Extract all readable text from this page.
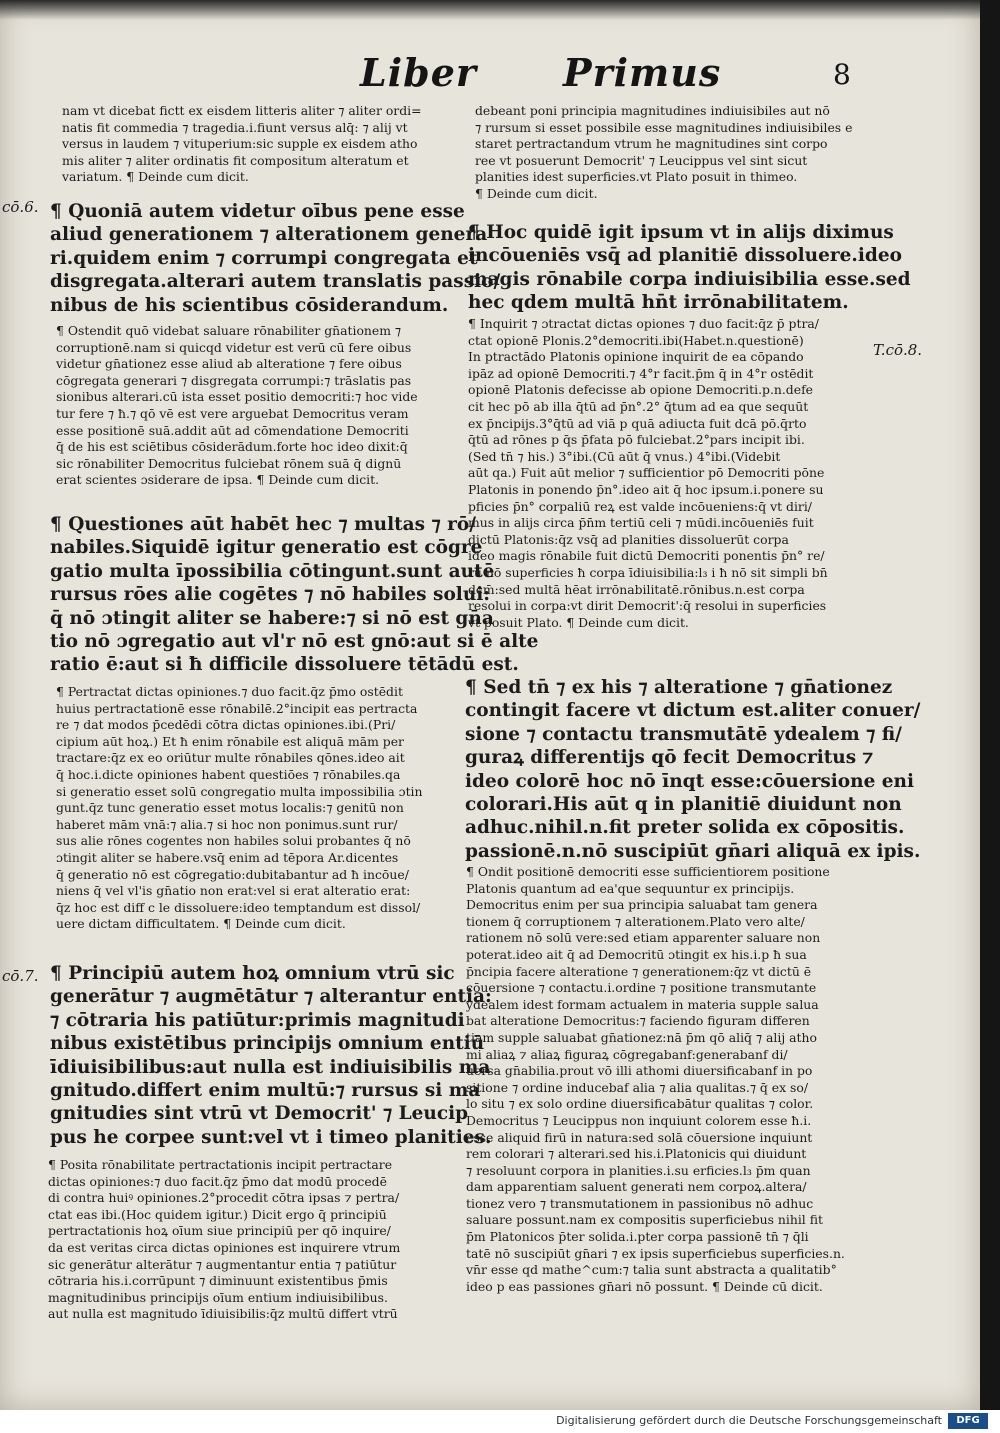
Liber Primus	8
cō.6.
T.cō.8.
cō.7.

nam vt dicebat fictt ex eisdem litteris aliter ⁊ aliter ordi=

natis fit commedia ⁊ tragedia.i.fiunt versus alq̄: ⁊ alij vt

versus in laudem ⁊ vituperium:sic supple ex eisdem atho

mis aliter ⁊ aliter ordinatis fit compositum alteratum et

variatum. ¶ Deinde cum dicit.

¶ Quoniā autem videtur oībus pene esse

aliud generationem ⁊ alterationem genera

ri.quidem enim ⁊ corrumpi congregata et

disgregata.alterari autem translatis passio/

nibus de his scientibus cōsiderandum.

¶ Ostendit quō videbat saluare rōnabiliter gn̄ationem ⁊

corruptionē.nam si quicqd videtur est verū cū fere oibus

videtur gn̄ationez esse aliud ab alteratione ⁊ fere oibus

cōgregata generari ⁊ disgregata corrumpi:⁊ trāslatis pas

sionibus alterari.cū ista esset positio democriti:⁊ hoc vide

tur fere ⁊ ħ.⁊ qō vē est vere arguebat Democritus veram

esse positionē suā.addit aūt ad cōmendatione Democriti

q̄ de his est sciētibus cōsiderādum.forte hoc ideo dixit:q̄

sic rōnabiliter Democritus fulciebat rōnem suā q̄ dignū

erat scientes ɔsiderare de ipsa. ¶ Deinde cum dicit.

¶ Questiones aūt habēt hec ⁊ multas ⁊ rō/

nabiles.Siquidē igitur generatio est cōgre

gatio multa īpossibilia cōtingunt.sunt autē

rursus rōes alie cogētes ⁊ nō habiles solui:

q̄ nō ɔtingit aliter se habere:⁊ si nō est gn̄a

tio nō ɔgregatio aut vl'r nō est gnō:aut si ē alte

ratio ē:aut si ħ difficile dissoluere tētādū est.

¶ Pertractat dictas opiniones.⁊ duo facit.q̄z p̄mo ostēdit

huius pertractationē esse rōnabilē.2°incipit eas pertracta

re ⁊ dat modos p̄cedēdi cōtra dictas opiniones.ibi.(Pri/

cipium aūt hoꝝ.) Et ħ enim rōnabile est aliquā mām per

tractare:q̄z ex eo oriūtur multe rōnabiles qōnes.ideo ait

q̄ hoc.i.dicte opiniones habent questiōes ⁊ rōnabiles.qa

si generatio esset solū congregatio multa impossibilia ɔtin

gunt.q̄z tunc generatio esset motus localis:⁊ genitū non

haberet mām vnā:⁊ alia.⁊ si hoc non ponimus.sunt rur/

sus alie rōnes cogentes non habiles solui probantes q̄ nō

ɔtingit aliter se habere.vsq̄ enim ad tēpora Ar.dicentes

q̄ generatio nō est cōgregatio:dubitabantur ad ħ incōue/

niens q̄ vel vl'is gn̄atio non erat:vel si erat alteratio erat:

q̄z hoc est diff c le dissoluere:ideo temptandum est dissol/

uere dictam difficultatem. ¶ Deinde cum dicit.

¶ Principiū autem hoꝝ omnium vtrū sic

generātur ⁊ augmētātur ⁊ alterantur entia:

⁊ cōtraria his patiūtur:primis magnitudi

nibus existētibus principijs omnium entiū

īdiuisibilibus:aut nulla est indiuisibilis ma

gnitudo.differt enim multū:⁊ rursus si ma

gnitudies sint vtrū vt Democrit' ⁊ Leucip

pus he corpee sunt:vel vt i timeo planities.

¶ Posita rōnabilitate pertractationis incipit pertractare

dictas opiniones:⁊ duo facit.q̄z p̄mo dat modū procedē

di contra huiꝰ opiniones.2°procedit cōtra ipsas ⁊ pertra/

ctat eas ibi.(Hoc quidem igitur.) Dicit ergo q̄ principiū

pertractationis hoꝝ oīum siue principiū per qō inquire/

da est veritas circa dictas opiniones est inquirere vtrum

sic generātur alterātur ⁊ augmentantur entia ⁊ patiūtur

cōtraria his.i.corrūpunt ⁊ diminuunt existentibus p̄mis

magnitudinibus principijs oīum entium indiuisibilibus.

aut nulla est magnitudo īdiuisibilis:q̄z multū differt vtrū

debeant poni principia magnitudines indiuisibiles aut nō

⁊ rursum si esset possibile esse magnitudines indiuisibiles e

staret pertractandum vtrum he magnitudines sint corpo

ree vt posuerunt Democrit' ⁊ Leucippus vel sint sicut

planities idest superficies.vt Plato posuit in thimeo.

¶ Deinde cum dicit.

¶ Hoc quidē igit ipsum vt in alijs diximus

incōueniēs vsq̄ ad planitiē dissoluere.ideo

magis rōnabile corpa indiuisibilia esse.sed

hec qdem multā hn̄t irrōnabilitatem.

¶ Inquirit ⁊ ɔtractat dictas opiones ⁊ duo facit:q̄z p̄ ptra/

ctat opionē Plonis.2°democriti.ibi(Habet.n.questionē)

In ptractādo Platonis opinione inquirit de ea cōpando

ipāz ad opionē Democriti.⁊ 4°r facit.p̄m q̄ in 4°r ostēdit

opionē Platonis defecisse ab opione Democriti.p.n.defe

cit hec pō ab illa q̄tū ad p̄n°.2° q̄tum ad ea que sequūt

ex p̄ncipijs.3°q̄tū ad viā p quā adiucta fuit dcā pō.q̄rto

q̄tū ad rōnes p q̄s p̄fata pō fulciebat.2°pars incipit ibi.

(Sed tn̄ ⁊ his.) 3°ibi.(Cū aūt q̄ vnus.) 4°ibi.(Videbit

aūt qa.) Fuit aūt melior ⁊ sufficientior pō Democriti pōne

Platonis in ponendo p̄n°.ideo ait q̄ hoc ipsum.i.ponere su

pficies p̄n° corpaliū reꝝ est valde incōueniens:q̄ vt diri/

mus in alijs circa p̄n̄m tertiū celi ⁊ mūdi.incōueniēs fuit

dictū Platonis:q̄z vsq̄ ad planities dissoluerūt corpa

ideo magis rōnabile fuit dictū Democriti ponentis p̄n° re/

rū nō superficies ħ corpa īdiuisibilia:l₃ i ħ nō sit simpli bn̄

dcm̄:sed multā hēat irrōnabilitatē.rōnibus.n.est corpa

resolui in corpa:vt dirit Democrit':q̄ resolui in superficies

vt posuit Plato. ¶ Deinde cum dicit.

¶ Sed tn̄ ⁊ ex his ⁊ alteratione ⁊ gn̄ationez

contingit facere vt dictum est.aliter conuer/

sione ⁊ contactu transmutātē ydealem ⁊ fi/

guraꝝ differentijs qō fecit Democritus ⁊

ideo colorē hoc nō īnqt esse:cōuersione eni

colorari.His aūt q in planitiē diuidunt non

adhuc.nihil.n.fit preter solida ex cōpositis.

passionē.n.nō suscipiūt gn̄ari aliquā ex ipis.

¶ Ondit positionē democriti esse sufficientiorem positione

Platonis quantum ad ea'que sequuntur ex principijs.

Democritus enim per sua principia saluabat tam genera

tionem q̄ corruptionem ⁊ alterationem.Plato vero alte/

rationem nō solū vere:sed etiam apparenter saluare non

poterat.ideo ait q̄ ad Democritū ɔtingit ex his.i.p ħ sua

p̄ncipia facere alteratione ⁊ generationem:q̄z vt dictū ē

cōuersione ⁊ contactu.i.ordine ⁊ positione transmutante

ydealem idest formam actualem in materia supple salua

bat alteratione Democritus:⁊ faciendo figuram differen

tiam supple saluabat gn̄ationez:nā p̄m qō aliq̄ ⁊ alij atho

mi aliaꝝ ⁊ aliaꝝ figuraꝝ cōgregabanf:generabanf di/

uersa gn̄abilia.prout vō illi athomi diuersificabanf in po

sitione ⁊ ordine inducebaf alia ⁊ alia qualitas.⁊ q̄ ex so/

lo situ ⁊ ex solo ordine diuersificabātur qualitas ⁊ color.

Democritus ⁊ Leucippus non inquiunt colorem esse ħ.i.

esse aliquid firū in natura:sed solā cōuersione inquiunt

rem colorari ⁊ alterari.sed his.i.Platonicis qui diuidunt

⁊ resoluunt corpora in planities.i.su erficies.l₃ p̄m quan

dam apparentiam saluent generati nem corpoꝝ.altera/

tionez vero ⁊ transmutationem in passionibus nō adhuc

saluare possunt.nam ex compositis superficiebus nihil fit

p̄m Platonicos p̄ter solida.i.pter corpa passionē tn̄ ⁊ q̄li

tatē nō suscipiūt gn̄ari ⁊ ex ipsis superficiebus superficies.n.

vn̄r esse qd mathe^cum:⁊ talia sunt abstracta a qualitatib°

ideo p eas passiones gn̄ari nō possunt. ¶ Deinde cū dicit.

Digitalisierung gefördert durch die Deutsche Forschungsgemeinschaft	DFG
